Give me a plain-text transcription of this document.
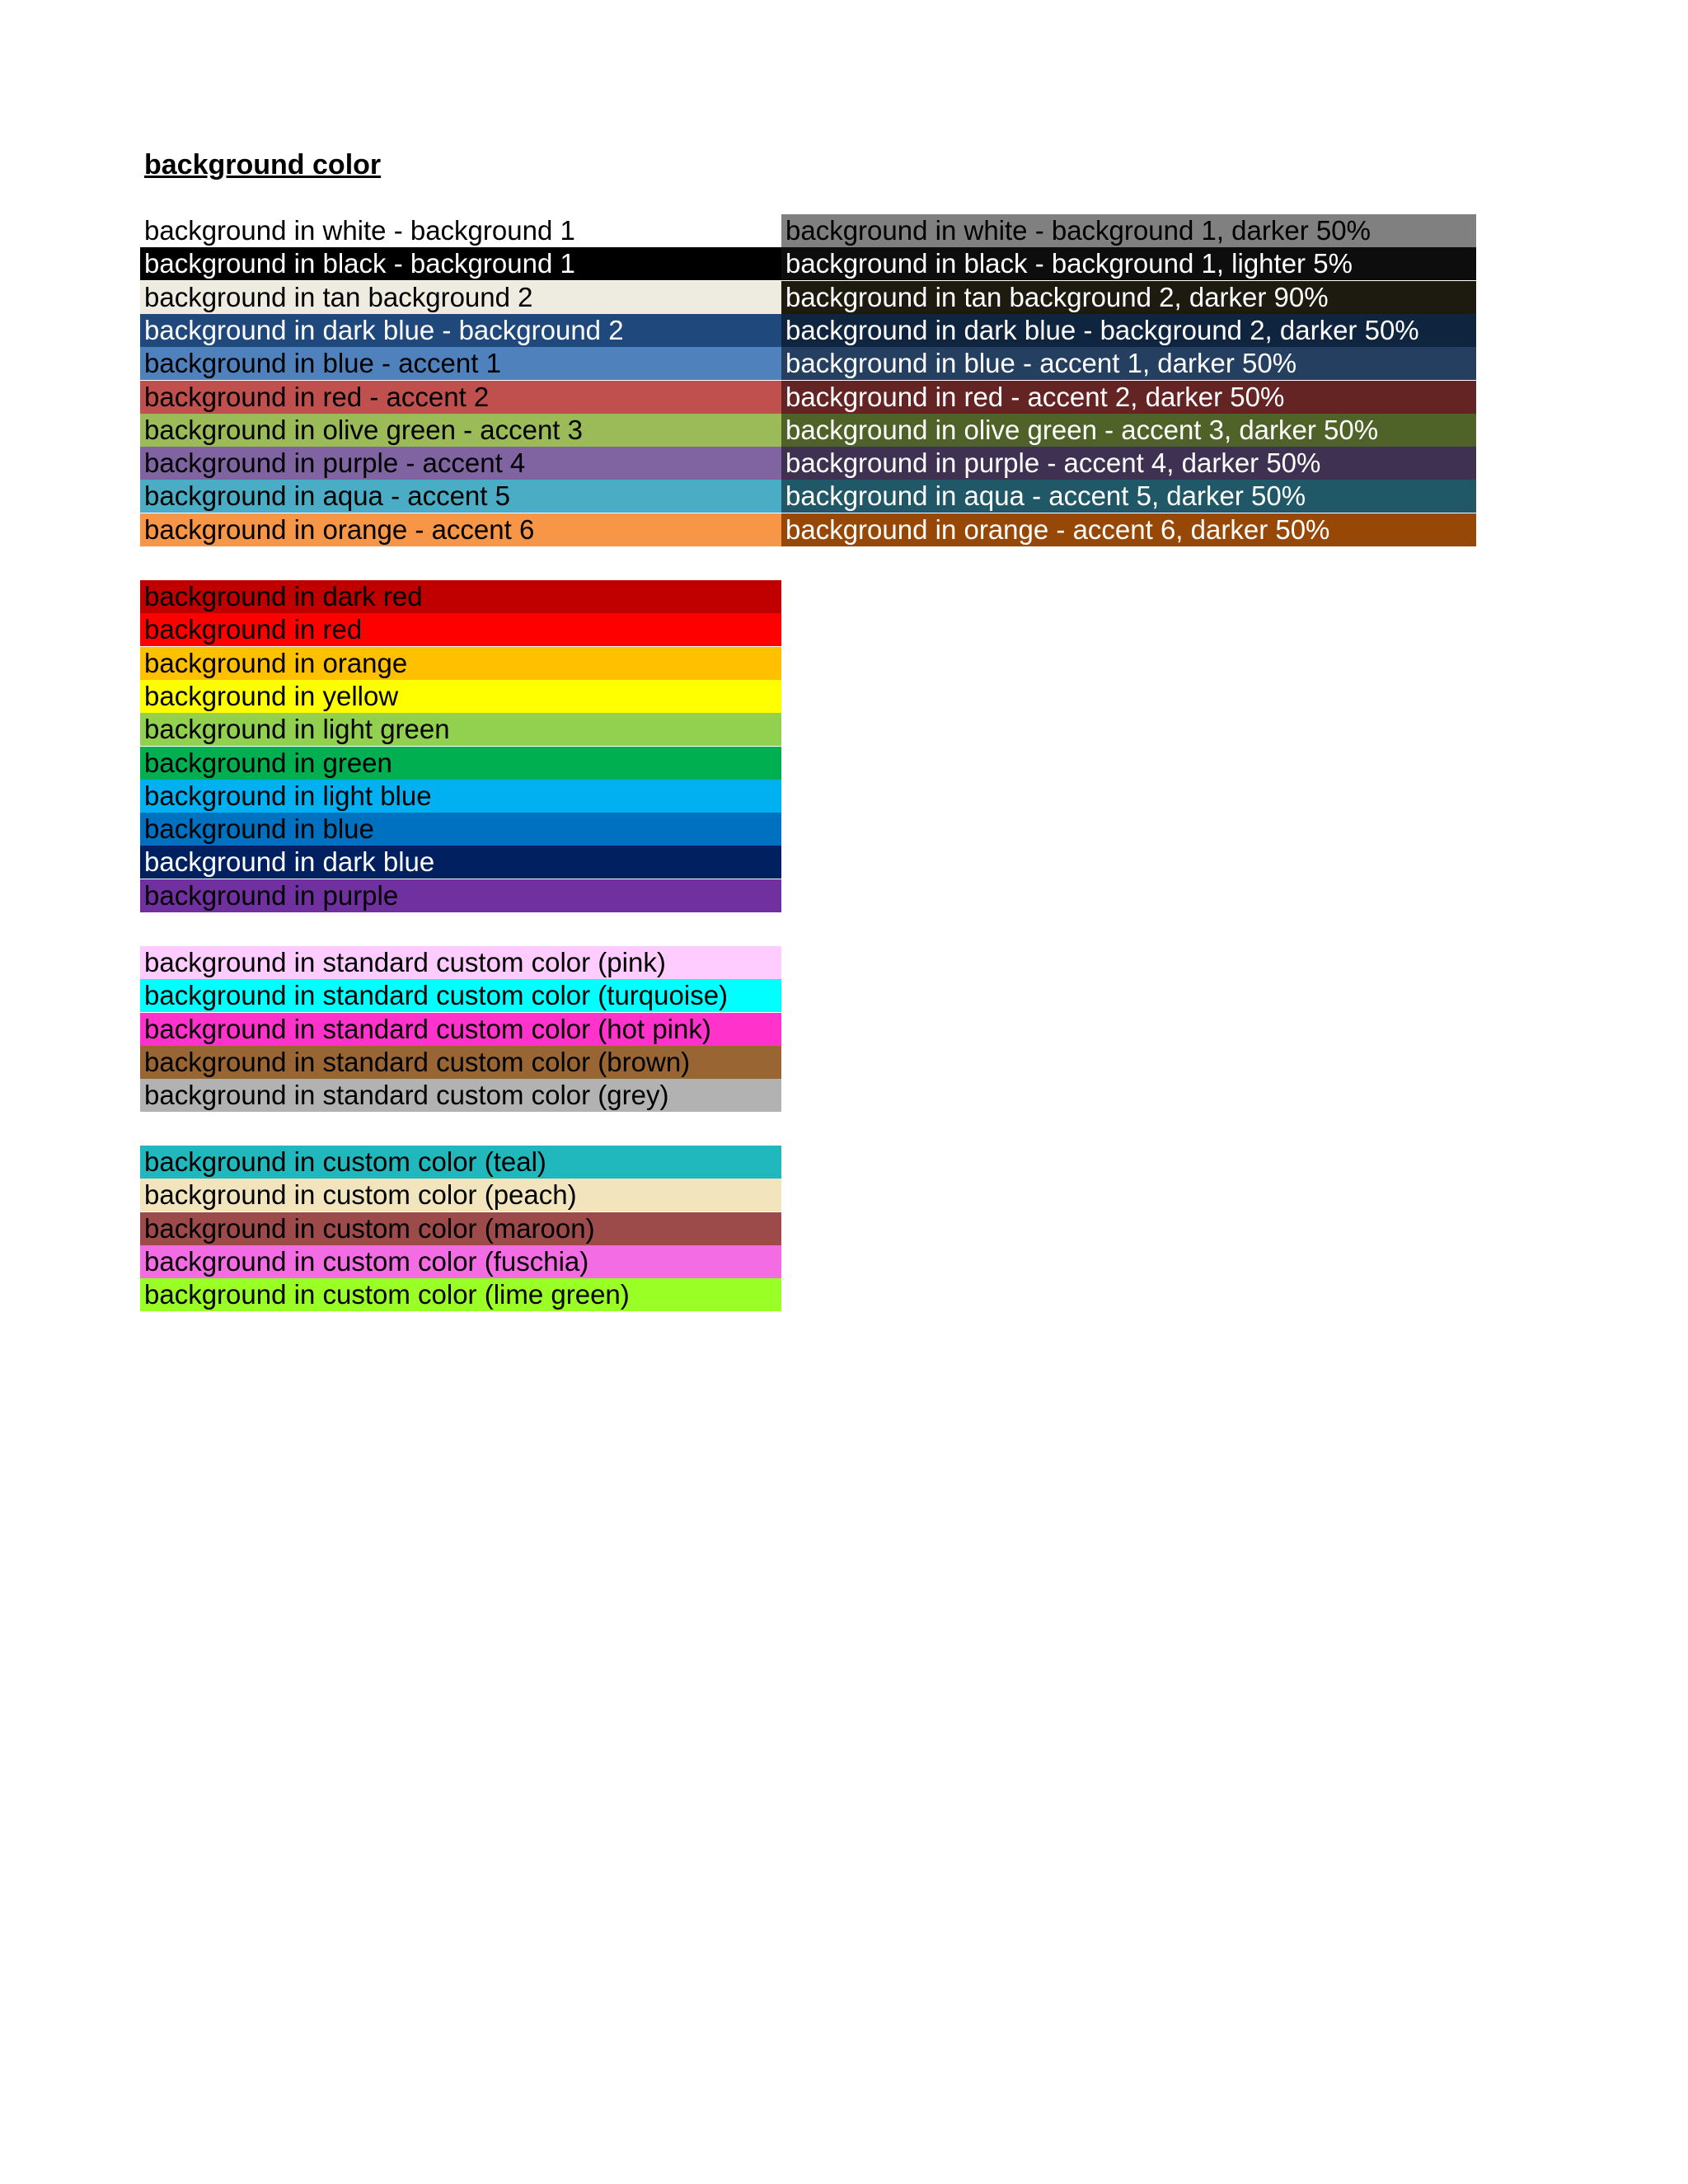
background color
background in white - background 1	background in white - background 1, darker 50%
background in black - background 1	background in black - background 1, lighter 5%
background in tan background 2	background in tan background 2, darker 90%
background in dark blue - background 2	background in dark blue - background 2, darker 50%
background in blue - accent 1	background in blue - accent 1, darker 50%
background in red - accent 2	background in red - accent 2, darker 50%
background in olive green - accent 3	background in olive green - accent 3, darker 50%
background in purple - accent 4	background in purple - accent 4, darker 50%
background in aqua - accent 5	background in aqua - accent 5, darker 50%
background in orange - accent 6	background in orange - accent 6, darker 50%
background in dark red
background in red
background in orange
background in yellow
background in light green
background in green
background in light blue
background in blue
background in dark blue
background in purple
background in standard custom color (pink)
background in standard custom color (turquoise)
background in standard custom color (hot pink)
background in standard custom color (brown)
background in standard custom color (grey)
background in custom color (teal)
background in custom color (peach)
background in custom color (maroon)
background in custom color (fuschia)
background in custom color (lime green)
